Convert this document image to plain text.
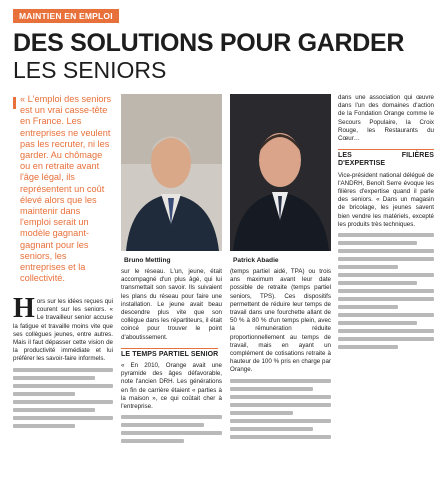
MAINTIEN EN EMPLOI
DES SOLUTIONS POUR GARDER
LES SENIORS
« L'emploi des seniors est un vrai casse-tête en France. Les entreprises ne veulent pas les recruter, ni les garder. Au chômage ou en retraite avant l'âge légal, ils représentent un coût élevé alors que les maintenir dans l'emploi serait un modèle gagnant-gagnant pour les seniors, les entreprises et la collectivité.
H ors sur les idées reçues qui courent sur les seniors. « Le travailleur senior accuse la fatigue et travaille moins vite que ses collègues jeunes, entre autres. Mais il faut dépasser cette vision de la productivité immédiate et lui préférer les savoir-faire informels.
Bruno Mettling	Patrick Abadie
sur le réseau. L'un, jeune, était accompagné d'un plus âgé, qui lui transmettait son savoir. Ils suivaient les plans du réseau pour faire une installation. Le jeune avait beau descendre plus vite que son collègue dans les répartiteurs, il était coincé pour trouver le point d'aboutissement. LE TEMPS PARTIEL SENIOR
« En 2010, Orange avait une pyramide des âges défavorable, note l'ancien DRH. Les générations en fin de carrière étaient « parties à la maison », ce qui coûtait cher à l'entreprise.
(temps partiel aidé, TPA) ou trois ans maximum avant leur date possible de retraite (temps partiel seniors, TPS). Ces dispositifs permettent de réduire leur temps de travail dans une fourchette allant de 50 % à 80 % d'un temps plein, avec la rémunération réduite proportionnellement au temps de travail, mais en ayant un complément de cotisations retraite à hauteur de 100 % pris en charge par Orange.
dans une association qui œuvre dans l'un des domaines d'action de la Fondation Orange comme le Secours Populaire, la Croix Rouge, les Restaurants du Cœur… LES FILIÈRES D'EXPERTISE
Vice-président national délégué de l'ANDRH, Benoît Serre évoque les filières d'expertise quand il parle des seniors. « Dans un magasin de bricolage, les jeunes savent bien vendre les matériels, excepté les produits très techniques.
